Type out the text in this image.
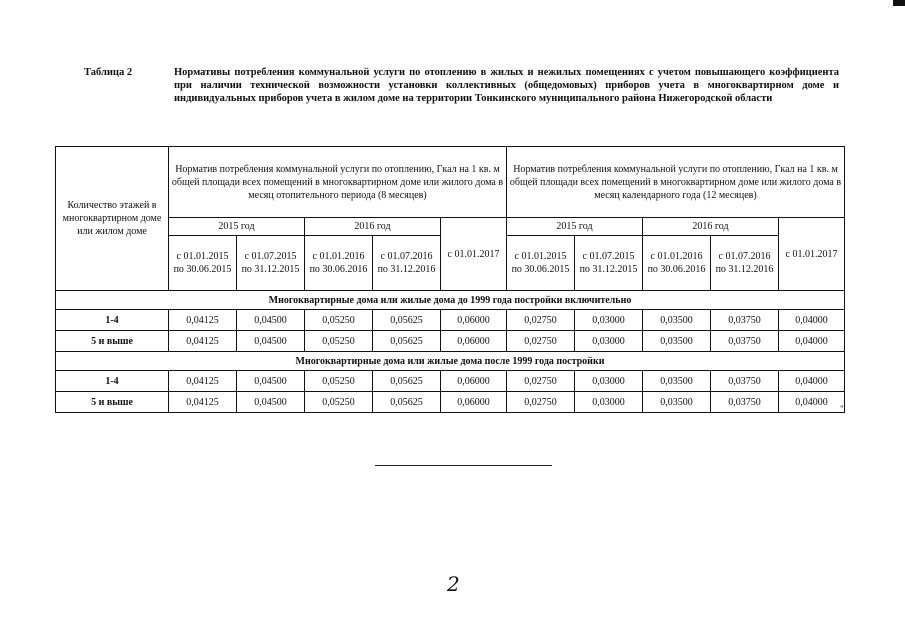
Таблица 2	Нормативы потребления коммунальной услуги по отоплению в жилых и нежилых помещениях с учетом повышающего коэффициента при наличии технической возможности установки коллективных (общедомовых) приборов учета в многоквартирном доме и индивидуальных приборов учета в жилом доме на территории Тонкинского муниципального района Нижегородской области
Количество этажей в многоквартирном доме или жилом доме	Норматив потребления коммунальной услуги по отоплению, Гкал на 1 кв. м общей площади всех помещений в многоквартирном доме или жилого дома в месяц отопительного периода (8 месяцев)					Норматив потребления коммунальной услуги по отоплению, Гкал на 1 кв. м общей площади всех помещений в многоквартирном доме или жилого дома в месяц календарного года (12 месяцев)				
	2015 год		2016 год		с 01.01.2017	2015 год		2016 год		с 01.01.2017
	с 01.01.2015 по 30.06.2015	с 01.07.2015 по 31.12.2015	с 01.01.2016 по 30.06.2016	с 01.07.2016 по 31.12.2016		с 01.01.2015 по 30.06.2015	с 01.07.2015 по 31.12.2015	с 01.01.2016 по 30.06.2016	с 01.07.2016 по 31.12.2016	
Многоквартирные дома или жилые дома до 1999 года постройки включительно										
1-4	0,04125	0,04500	0,05250	0,05625	0,06000	0,02750	0,03000	0,03500	0,03750	0,04000
5 и выше	0,04125	0,04500	0,05250	0,05625	0,06000	0,02750	0,03000	0,03500	0,03750	0,04000
Многоквартирные дома или жилые дома после 1999 года постройки										
1-4	0,04125	0,04500	0,05250	0,05625	0,06000	0,02750	0,03000	0,03500	0,03750	0,04000
5 и выше	0,04125	0,04500	0,05250	0,05625	0,06000	0,02750	0,03000	0,03500	0,03750	0,04000
"
2
